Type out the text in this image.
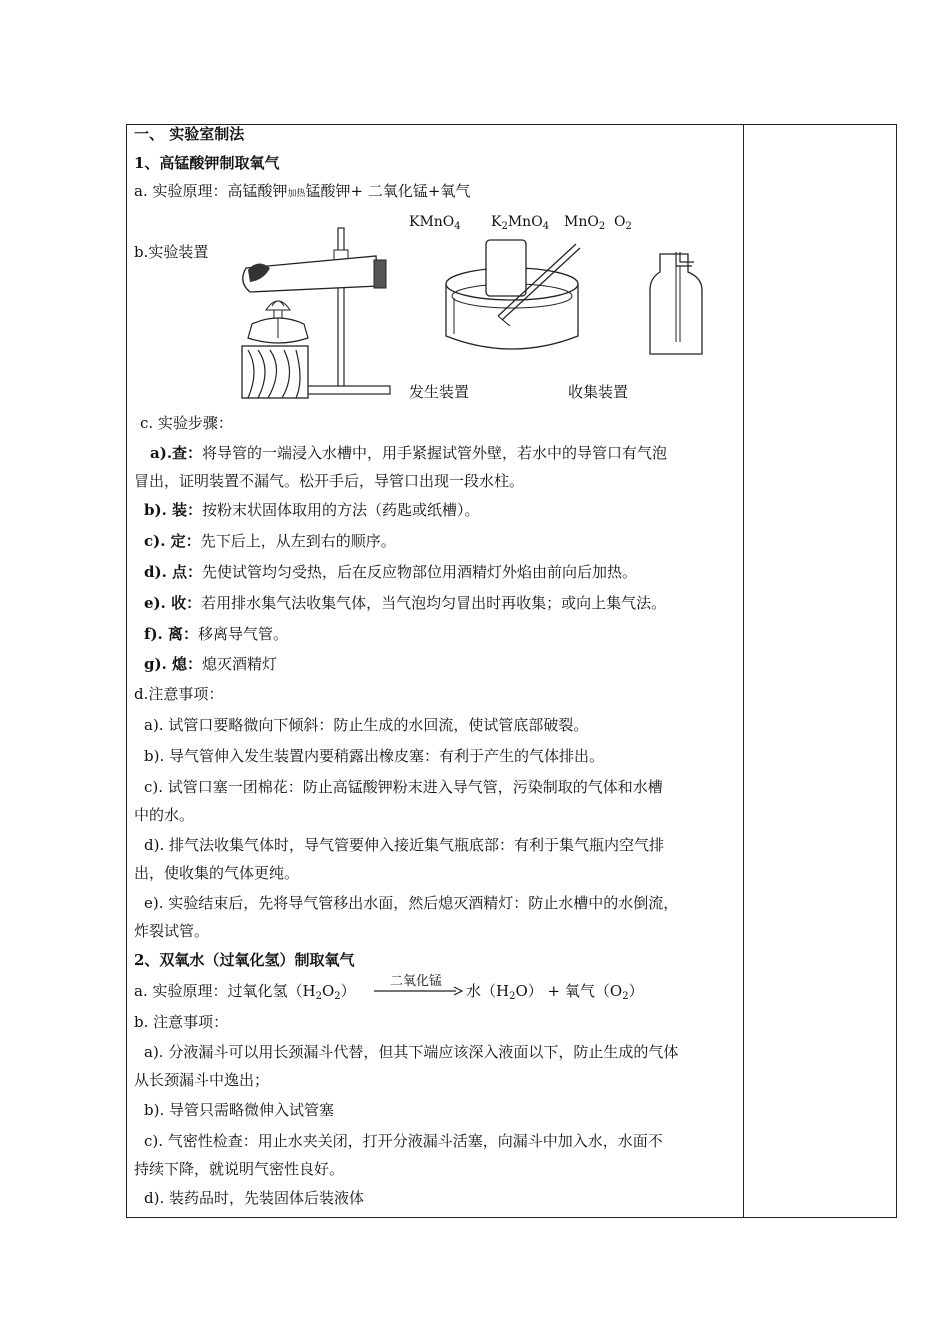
一、 实验室制法
1、高锰酸钾制取氧气
a. 实验原理：高锰酸钾加热锰酸钾+ 二氧化锰+氧气
KMnO$_4$ $K_2MnO_4$ MnO$_2$ $O_2$
b.实验装置
发生装置	收集装置
c. 实验步骤：
a).查：将导管的一端浸入水槽中，用手紧握试管外壁，若水中的导管口有气泡
冒出，证明装置不漏气。松开手后，导管口出现一段水柱。
b). 装：按粉末状固体取用的方法（药匙或纸槽）。
c). 定：先下后上，从左到右的顺序。
d). 点：先使试管均匀受热，后在反应物部位用酒精灯外焰由前向后加热。
e). 收：若用排水集气法收集气体，当气泡均匀冒出时再收集；或向上集气法。
f). 离：移离导气管。
g). 熄：熄灭酒精灯
d.注意事项：
a). 试管口要略微向下倾斜：防止生成的水回流，使试管底部破裂。
b). 导气管伸入发生装置内要稍露出橡皮塞：有利于产生的气体排出。
c). 试管口塞一团棉花：防止高锰酸钾粉末进入导气管，污染制取的气体和水槽
中的水。
d). 排气法收集气体时，导气管要伸入接近集气瓶底部：有利于集气瓶内空气排
出，使收集的气体更纯。
e). 实验结束后，先将导气管移出水面，然后熄灭酒精灯：防止水槽中的水倒流，
炸裂试管。
2、双氧水（过氧化氢）制取氧气
a. 实验原理：过氧化氢$(H_2O_2)$
二氧化锰
水$(H_2O)$ + 氧气$(O_2)$
b. 注意事项：
a). 分液漏斗可以用长颈漏斗代替，但其下端应该深入液面以下，防止生成的气体
从长颈漏斗中逸出；
b). 导管只需略微伸入试管塞
c). 气密性检查：用止水夹关闭，打开分液漏斗活塞，向漏斗中加入水，水面不
持续下降，就说明气密性良好。
d). 装药品时，先装固体后装液体
